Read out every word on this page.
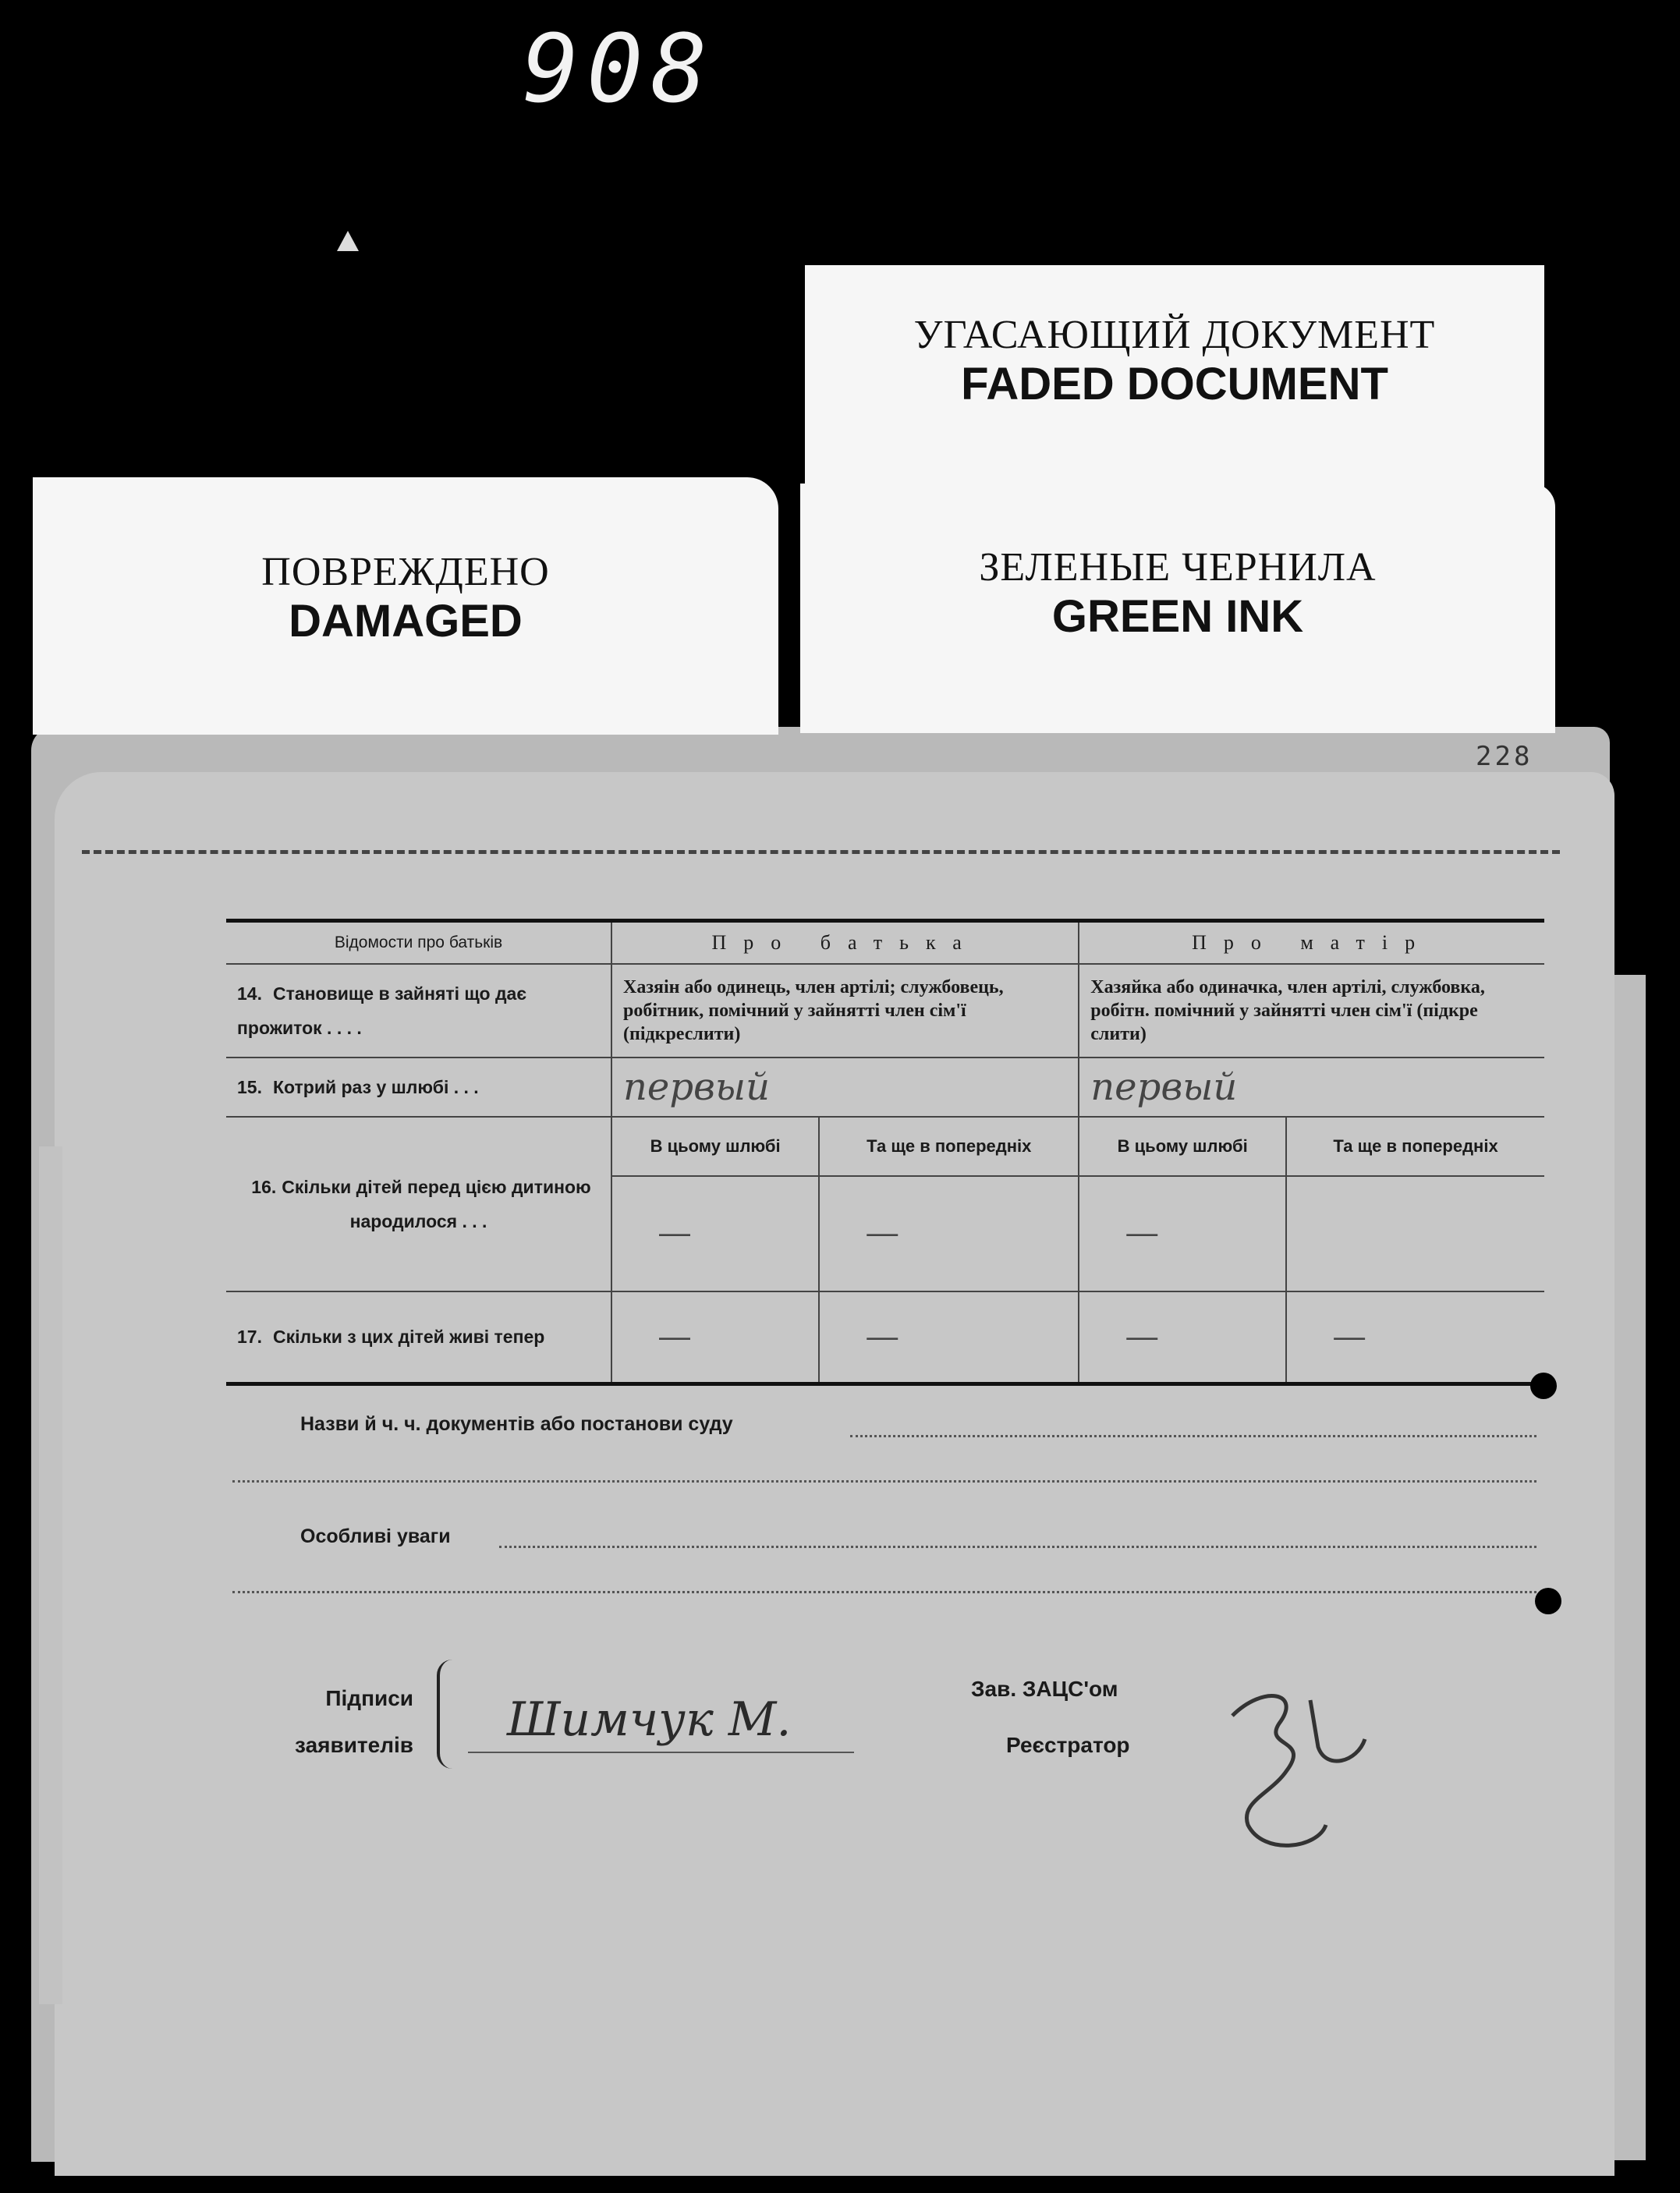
908
УГАСАЮЩИЙ ДОКУМЕНТ
FADED DOCUMENT
228
ЗЕЛЕНЫЕ ЧЕРНИЛА
GREEN INK
ПОВРЕЖДЕНО
DAMAGED
Відомости про батьків	Про батька		Про матір	
14. Становище в зайняті що дає прожиток . . . .	Хазяін або одинець, член артілі; службовець, робітник, помічний у зайнятті член сім'ї (підкреслити)		Хазяйка або одиначка, член артілі, службовка, робітн. помічний у зайнятті член сім'ї (підкре слити)	
15. Котрий раз у шлюбі . . .	первый		первый	
16. Скільки дітей перед цією дитиною народилося . . .	В цьому шлюбі	Та ще в попередніх	В цьому шлюбі	Та ще в попередніх
	—	—	—	
17. Скільки з цих дітей живі тепер	—	—	—	—
Назви й ч. ч. документів або постанови суду
Особливі уваги
Підписи
заявителів Шимчук М.
Зав. ЗАЦС'ом
Реєстратор
